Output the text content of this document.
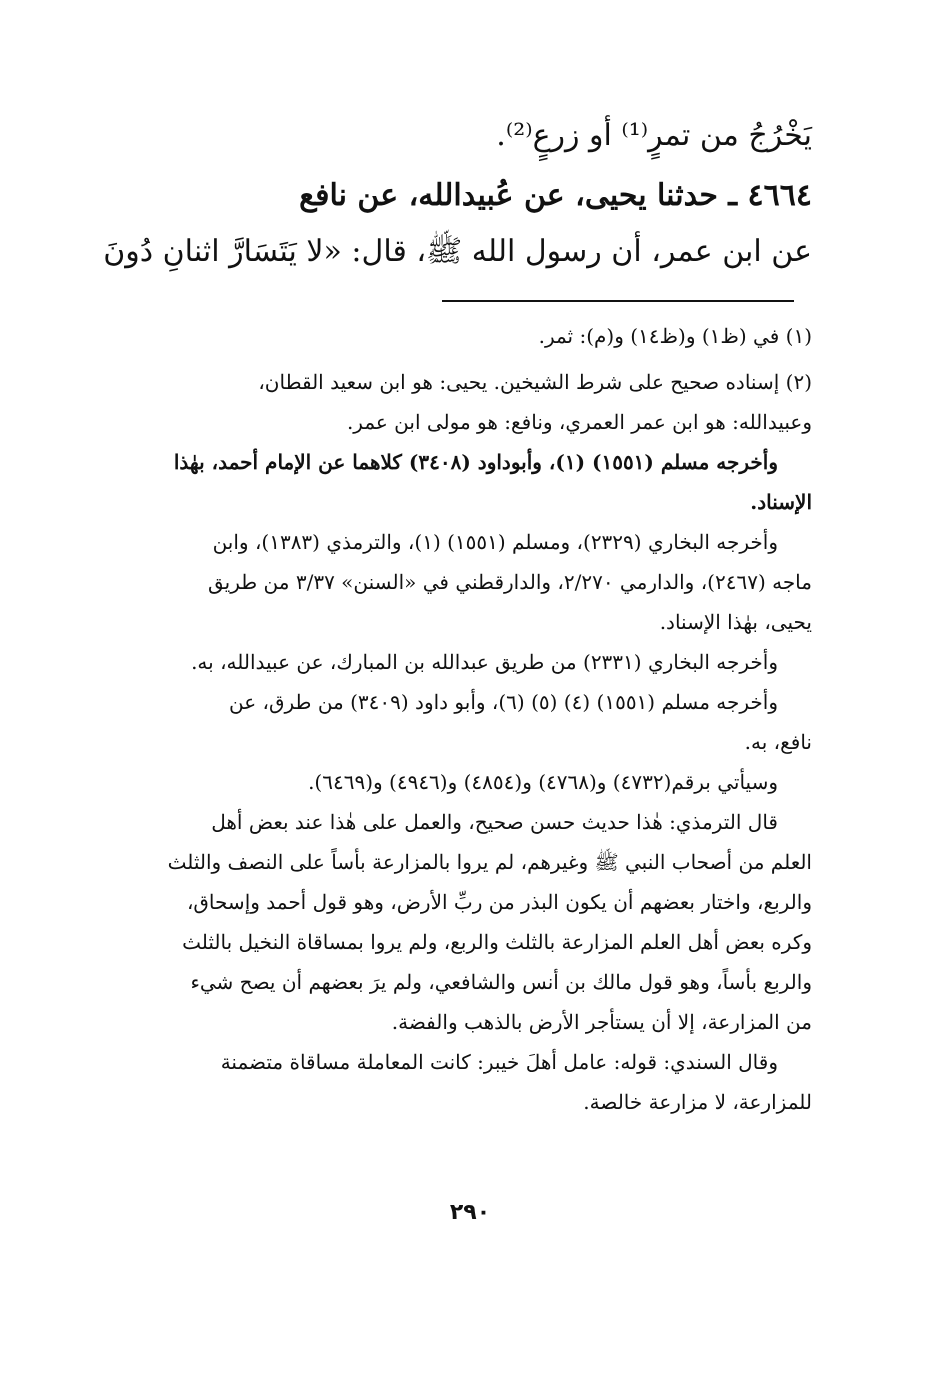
يَخْرُجُ من تمرٍ⁽¹⁾ أو زرعٍ⁽²⁾.

٤٦٦٤ ـ حدثنا يحيى، عن عُبيدالله، عن نافع

عن ابن عمر، أن رسول الله ﷺ، قال: «لا يَتَسَارَّ اثنانِ دُونَ

(١) في (ظ١) و(ظ١٤) و(م): ثمر.

(٢) إسناده صحيح على شرط الشيخين. يحيى: هو ابن سعيد القطان،

وعبيدالله: هو ابن عمر العمري، ونافع: هو مولى ابن عمر.

وأخرجه مسلم (١٥٥١) (١)، وأبوداود (٣٤٠٨) كلاهما عن الإمام أحمد، بهٰذا

الإسناد.

وأخرجه البخاري (٢٣٢٩)، ومسلم (١٥٥١) (١)، والترمذي (١٣٨٣)، وابن

ماجه (٢٤٦٧)، والدارمي ٢/٢٧٠، والدارقطني في «السنن» ٣/٣٧ من طريق

يحيى، بهٰذا الإسناد.

وأخرجه البخاري (٢٣٣١) من طريق عبدالله بن المبارك، عن عبيدالله، به.

وأخرجه مسلم (١٥٥١) (٤) (٥) (٦)، وأبو داود (٣٤٠٩) من طرق، عن

نافع، به.

وسيأتي برقم(٤٧٣٢) و(٤٧٦٨) و(٤٨٥٤) و(٤٩٤٦) و(٦٤٦٩).

قال الترمذي: هٰذا حديث حسن صحيح، والعمل على هٰذا عند بعض أهل

العلم من أصحاب النبي ﷺ وغيرهم، لم يروا بالمزارعة بأساً على النصف والثلث

والربع، واختار بعضهم أن يكون البذر من ربِّ الأرض، وهو قول أحمد وإسحاق،

وكره بعض أهل العلم المزارعة بالثلث والربع، ولم يروا بمساقاة النخيل بالثلث

والربع بأساً، وهو قول مالك بن أنس والشافعي، ولم يرَ بعضهم أن يصح شيء

من المزارعة، إلا أن يستأجر الأرض بالذهب والفضة.

وقال السندي: قوله: عامل أهلَ خيبر: كانت المعاملة مساقاة متضمنة

للمزارعة، لا مزارعة خالصة.

٢٩٠
